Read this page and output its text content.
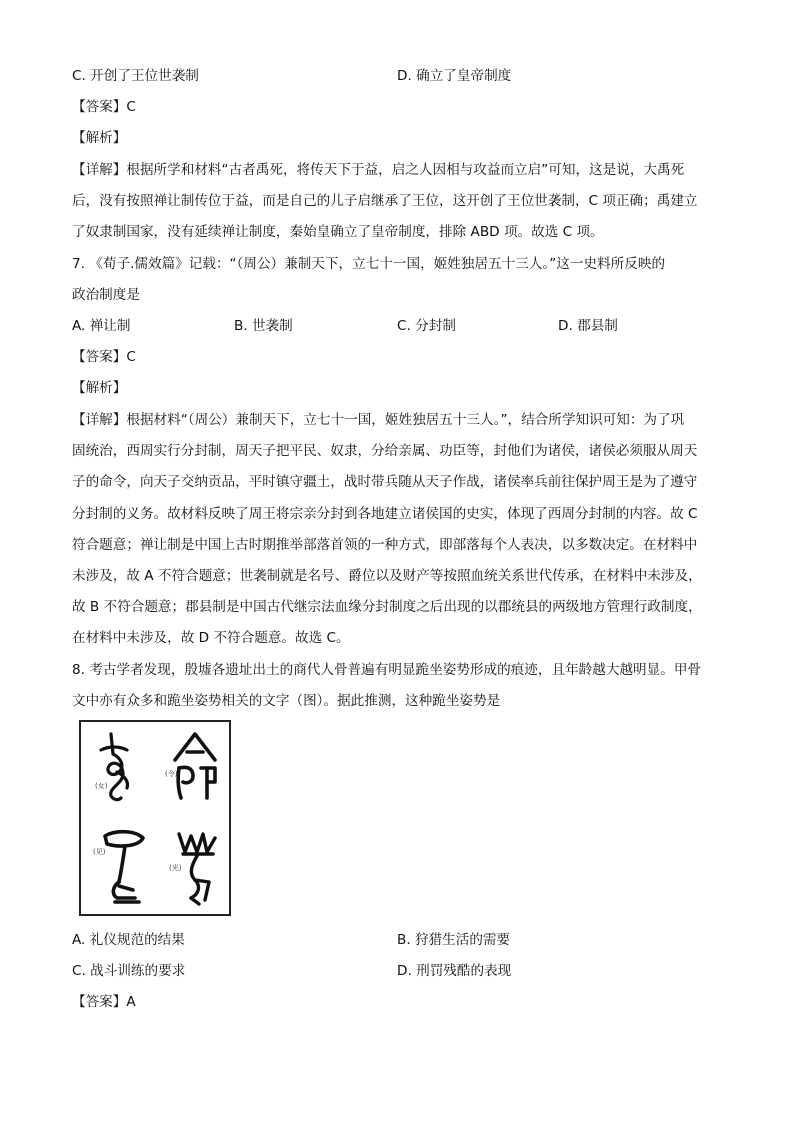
C. 开创了王位世袭制	D. 确立了皇帝制度
【答案】C
【解析】
【详解】根据所学和材料“古者禹死，将传天下于益，启之人因相与攻益而立启”可知，这是说，大禹死
后，没有按照禅让制传位于益，而是自己的儿子启继承了王位，这开创了王位世袭制，C 项正确；禹建立
了奴隶制国家，没有延续禅让制度，秦始皇确立了皇帝制度，排除 ABD 项。故选 C 项。
7. 《荀子.儒效篇》记载：“（周公）兼制天下，立七十一国，姬姓独居五十三人。”这一史料所反映的
政治制度是
A. 禅让制	B. 世袭制	C. 分封制	D. 郡县制
【答案】C
【解析】
【详解】根据材料“（周公）兼制天下，立七十一国，姬姓独居五十三人。”，结合所学知识可知：为了巩
固统治，西周实行分封制，周天子把平民、奴隶，分给亲属、功臣等，封他们为诸侯，诸侯必须服从周天
子的命令，向天子交纳贡品，平时镇守疆土，战时带兵随从天子作战，诸侯率兵前往保护周王是为了遵守
分封制的义务。故材料反映了周王将宗亲分封到各地建立诸侯国的史实，体现了西周分封制的内容。故 C
符合题意；禅让制是中国上古时期推举部落首领的一种方式，即部落每个人表决，以多数决定。在材料中
未涉及，故 A 不符合题意；世袭制就是名号、爵位以及财产等按照血统关系世代传承，在材料中未涉及，
故 B 不符合题意；郡县制是中国古代继宗法血缘分封制度之后出现的以郡统县的两级地方管理行政制度，
在材料中未涉及，故 D 不符合题意。故选 C。
8. 考古学者发现，殷墟各遗址出土的商代人骨普遍有明显跪坐姿势形成的痕迹，且年龄越大越明显。甲骨
文中亦有众多和跪坐姿势相关的文字（图）。据此推测，这种跪坐姿势是
(女)
(令)
(见)
(光)
A. 礼仪规范的结果	B. 狩猎生活的需要
C. 战斗训练的要求	D. 刑罚残酷的表现
【答案】A
